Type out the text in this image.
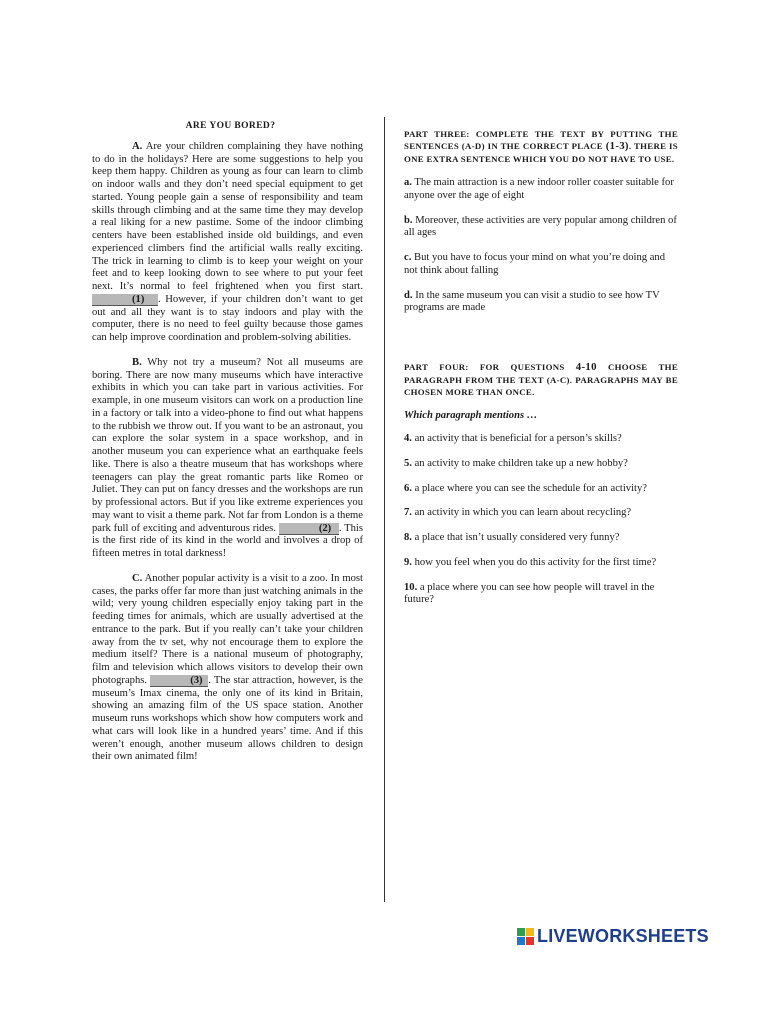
ARE YOU BORED?

A. Are your children complaining they have nothing to do in the holidays? Here are some suggestions to help you keep them happy. Children as young as four can learn to climb on indoor walls and they don’t need special equipment to get started. Young people gain a sense of responsibility and team skills through climbing and at the same time they may develop a real liking for a new pastime. Some of the indoor climbing centers have been established inside old buildings, and even experienced climbers find the artificial walls really exciting. The trick in learning to climb is to keep your weight on your feet and to keep looking down to see where to put your feet next. It’s normal to feel frightened when you first start. (1) . However, if your children don’t want to get out and all they want is to stay indoors and play with the computer, there is no need to feel guilty because those games can help improve coordination and problem-solving abilities.

B. Why not try a museum? Not all museums are boring. There are now many museums which have interactive exhibits in which you can take part in various activities. For example, in one museum visitors can work on a production line in a factory or talk into a video-phone to find out what happens to the rubbish we throw out. If you want to be an astronaut, you can explore the solar system in a space workshop, and in another museum you can experience what an earthquake feels like. There is also a theatre museum that has workshops where teenagers can play the great romantic parts like Romeo or Juliet. They can put on fancy dresses and the workshops are run by professional actors. But if you like extreme experiences you may want to visit a theme park. Not far from London is a theme park full of exciting and adventurous rides.	(2) . This is the first ride of its kind in the world and involves a drop of fifteen metres in total darkness!

C. Another popular activity is a visit to a zoo. In most cases, the parks offer far more than just watching animals in the wild; very young children especially enjoy taking part in the feeding times for animals, which are usually advertised at the entrance to the park. But if you really can’t take your children away from the tv set, why not encourage them to explore the medium itself? There is a national museum of photography, film and television which allows visitors to develop their own photographs.	(3) . The star attraction, however, is the museum’s Imax cinema, the only one of its kind in Britain, showing an amazing film of the US space station. Another museum runs workshops which show how computers work and what cars will look like in a hundred years’ time. And if this weren’t enough, another museum allows children to design their own animated film!

PART THREE: COMPLETE THE TEXT BY PUTTING THE SENTENCES (A-D) IN THE CORRECT PLACE (1-3). THERE IS ONE EXTRA SENTENCE WHICH YOU DO NOT HAVE TO USE.

a. The main attraction is a new indoor roller coaster suitable for anyone over the age of eight

b. Moreover, these activities are very popular among children of all ages

c. But you have to focus your mind on what you’re doing and not think about falling

d. In the same museum you can visit a studio to see how TV programs are made

PART FOUR: FOR QUESTIONS 4-10 CHOOSE THE PARAGRAPH FROM THE TEXT (A-C). PARAGRAPHS MAY BE CHOSEN MORE THAN ONCE.

Which paragraph mentions …

4. an activity that is beneficial for a person’s skills?

5. an activity to make children take up a new hobby?

6. a place where you can see the schedule for an activity?

7. an activity in which you can learn about recycling?

8. a place that isn’t usually considered very funny?

9. how you feel when you do this activity for the first time?

10. a place where you can see how people will travel in the future?

LIVEWORKSHEETS
